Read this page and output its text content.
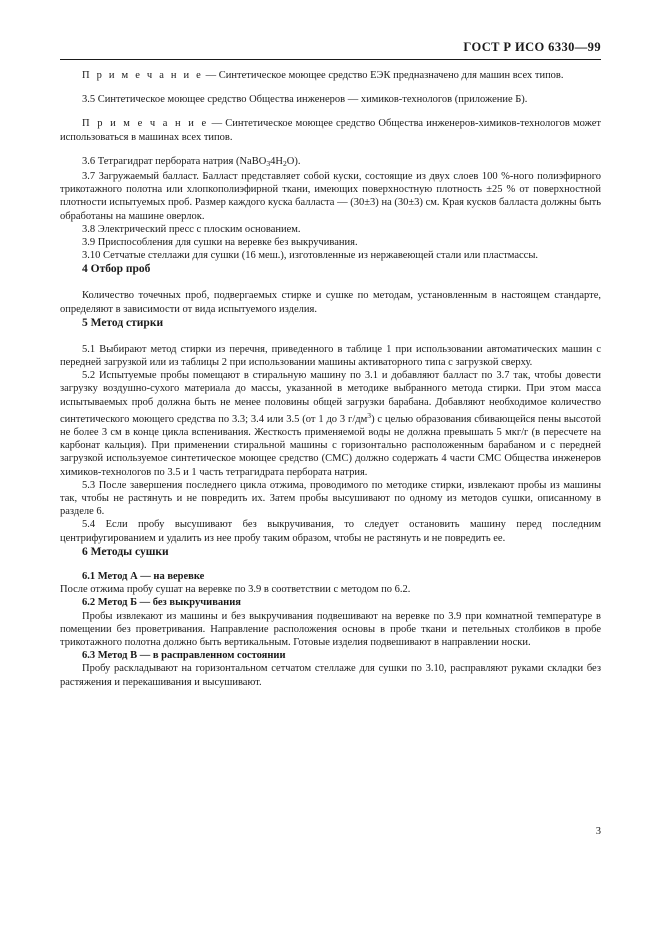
ГОСТ Р ИСО 6330—99

П р и м е ч а н и е — Синтетическое моющее средство ЕЭК предназначено для машин всех типов.

3.5 Синтетическое моющее средство Общества инженеров — химиков-технологов (приложение Б).

П р и м е ч а н и е — Синтетическое моющее средство Общества инженеров-химиков-технологов может использоваться в машинах всех типов.

3.6 Тетрагидрат пербората натрия $(NaBO_34H_2O)$.

3.7 Загружаемый балласт. Балласт представляет собой куски, состоящие из двух слоев 100 %-ного полиэфирного трикотажного полотна или хлопкополиэфирной ткани, имеющих поверхностную плотность ±25 % от поверхностной плотности испытуемых проб. Размер каждого куска балласта — (30±3) на (30±3) см. Края кусков балласта должны быть обработаны на машине оверлок.

3.8 Электрический пресс с плоским основанием.

3.9 Приспособления для сушки на веревке без выкручивания.

3.10 Сетчатые стеллажи для сушки (16 меш.), изготовленные из нержавеющей стали или пластмассы.

4 Отбор проб

Количество точечных проб, подвергаемых стирке и сушке по методам, установленным в настоящем стандарте, определяют в зависимости от вида испытуемого изделия.

5 Метод стирки

5.1 Выбирают метод стирки из перечня, приведенного в таблице 1 при использовании автоматических машин с передней загрузкой или из таблицы 2 при использовании машины активаторного типа с загрузкой сверху.

5.2 Испытуемые пробы помещают в стиральную машину по 3.1 и добавляют балласт по 3.7 так, чтобы довести загрузку воздушно-сухого материала до массы, указанной в методике выбранного метода стирки. При этом масса испытываемых проб должна быть не менее половины общей загрузки барабана. Добавляют необходимое количество синтетического моющего средства по 3.3; 3.4 или 3.5 (от 1 до 3 $г/дм^3$) с целью образования сбивающейся пены высотой не более 3 см в конце цикла вспенивания. Жесткость применяемой воды не должна превышать 5 мкг/г (в пересчете на карбонат кальция). При применении стиральной машины с горизонтально расположенным барабаном и с передней загрузкой используемое синтетическое моющее средство (СМС) должно содержать 4 части СМС Общества инженеров химиков-технологов по 3.5 и 1 часть тетрагидрата пербората натрия.

5.3 После завершения последнего цикла отжима, проводимого по методике стирки, извлекают пробы из машины так, чтобы не растянуть и не повредить их. Затем пробы высушивают по одному из методов сушки, описанному в разделе 6.

5.4 Если пробу высушивают без выкручивания, то следует остановить машину перед последним центрифугированием и удалить из нее пробу таким образом, чтобы не растянуть и не повредить ее.

6 Методы сушки

6.1 Метод А — на веревке

После отжима пробу сушат на веревке по 3.9 в соответствии с методом по 6.2.

6.2 Метод Б — без выкручивания

Пробы извлекают из машины и без выкручивания подвешивают на веревке по 3.9 при комнатной температуре в помещении без проветривания. Направление расположения основы в пробе ткани и петельных столбиков в пробе трикотажного полотна должно быть вертикальным. Готовые изделия подвешивают в направлении носки.

6.3 Метод В — в расправленном состоянии

Пробу раскладывают на горизонтальном сетчатом стеллаже для сушки по 3.10, расправляют руками складки без растяжения и перекашивания и высушивают.

3
